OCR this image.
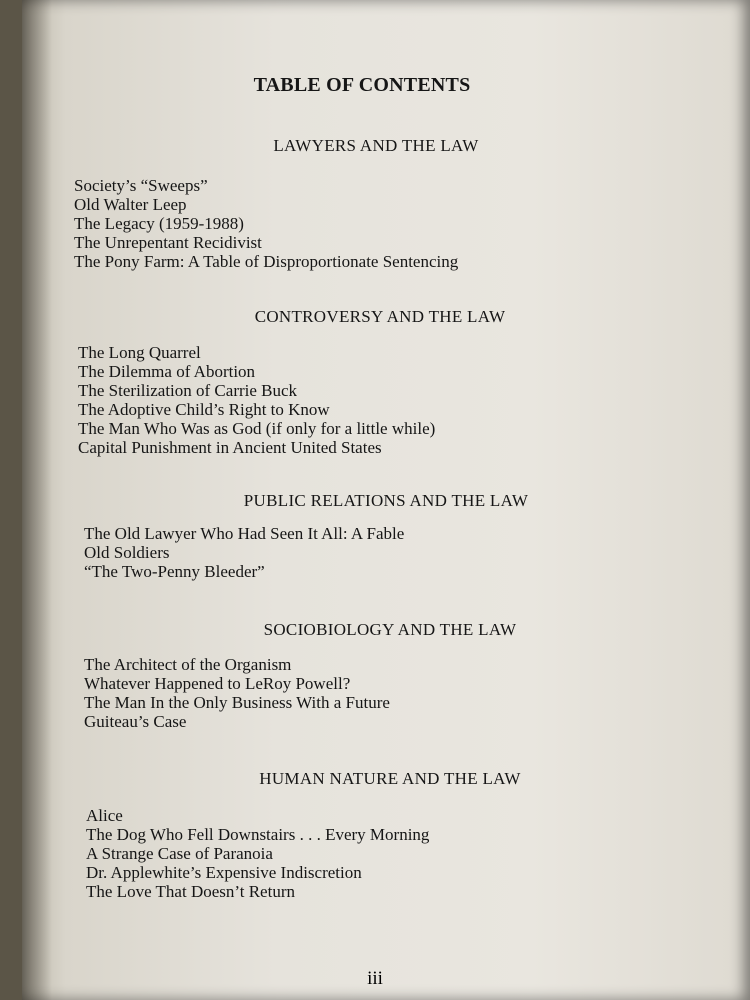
TABLE OF CONTENTS
LAWYERS AND THE LAW
Society’s “Sweeps”
Old Walter Leep
The Legacy (1959-1988)
The Unrepentant Recidivist
The Pony Farm: A Table of Disproportionate Sentencing
CONTROVERSY AND THE LAW
The Long Quarrel
The Dilemma of Abortion
The Sterilization of Carrie Buck
The Adoptive Child’s Right to Know
The Man Who Was as God (if only for a little while)
Capital Punishment in Ancient United States
PUBLIC RELATIONS AND THE LAW
The Old Lawyer Who Had Seen It All: A Fable
Old Soldiers
“The Two-Penny Bleeder”
SOCIOBIOLOGY AND THE LAW
The Architect of the Organism
Whatever Happened to LeRoy Powell?
The Man In the Only Business With a Future
Guiteau’s Case
HUMAN NATURE AND THE LAW
Alice
The Dog Who Fell Downstairs . . . Every Morning
A Strange Case of Paranoia
Dr. Applewhite’s Expensive Indiscretion
The Love That Doesn’t Return
iii
